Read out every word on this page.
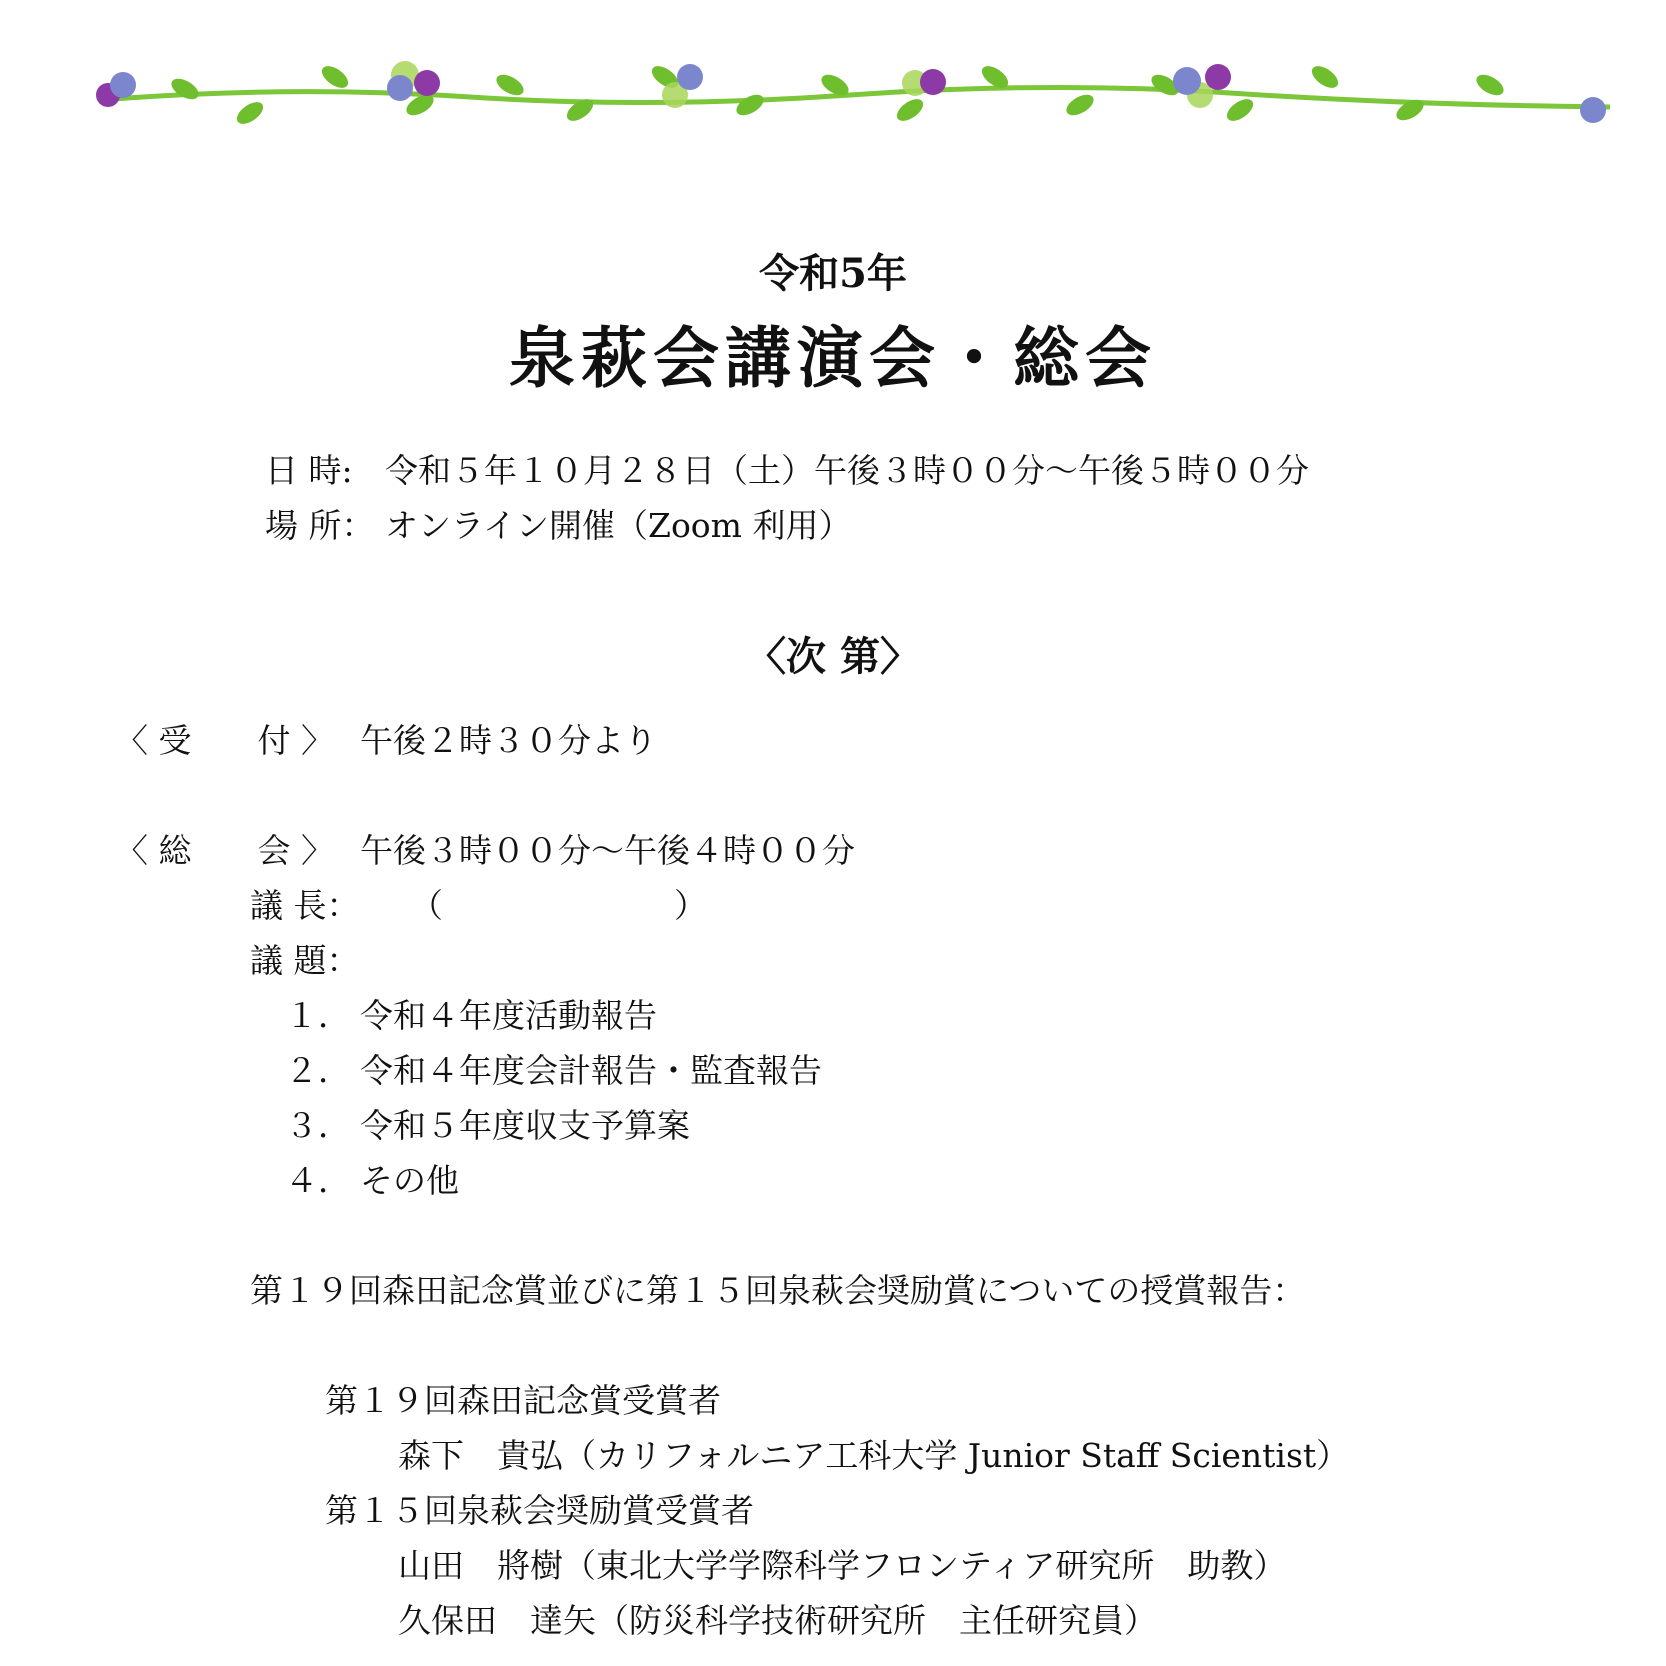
令和5年
泉萩会講演会・総会
日 時: 令和５年１０月２８日（土）午後３時００分～午後５時００分
場 所： オンライン開催（Zoom 利用）
〈次 第〉
〈 受　　付 〉 午後２時３０分より
〈 総　　会 〉 午後３時００分～午後４時００分
議 長： （　　　　　　　）
議 題：
１． 令和４年度活動報告
２． 令和４年度会計報告・監査報告
３． 令和５年度収支予算案
４． その他
第１９回森田記念賞並びに第１５回泉萩会奨励賞についての授賞報告：
第１９回森田記念賞受賞者
森下　貴弘（カリフォルニア工科大学 Junior Staff Scientist）
第１５回泉萩会奨励賞受賞者
山田　將樹（東北大学学際科学フロンティア研究所　助教）
久保田　達矢（防災科学技術研究所　主任研究員）
